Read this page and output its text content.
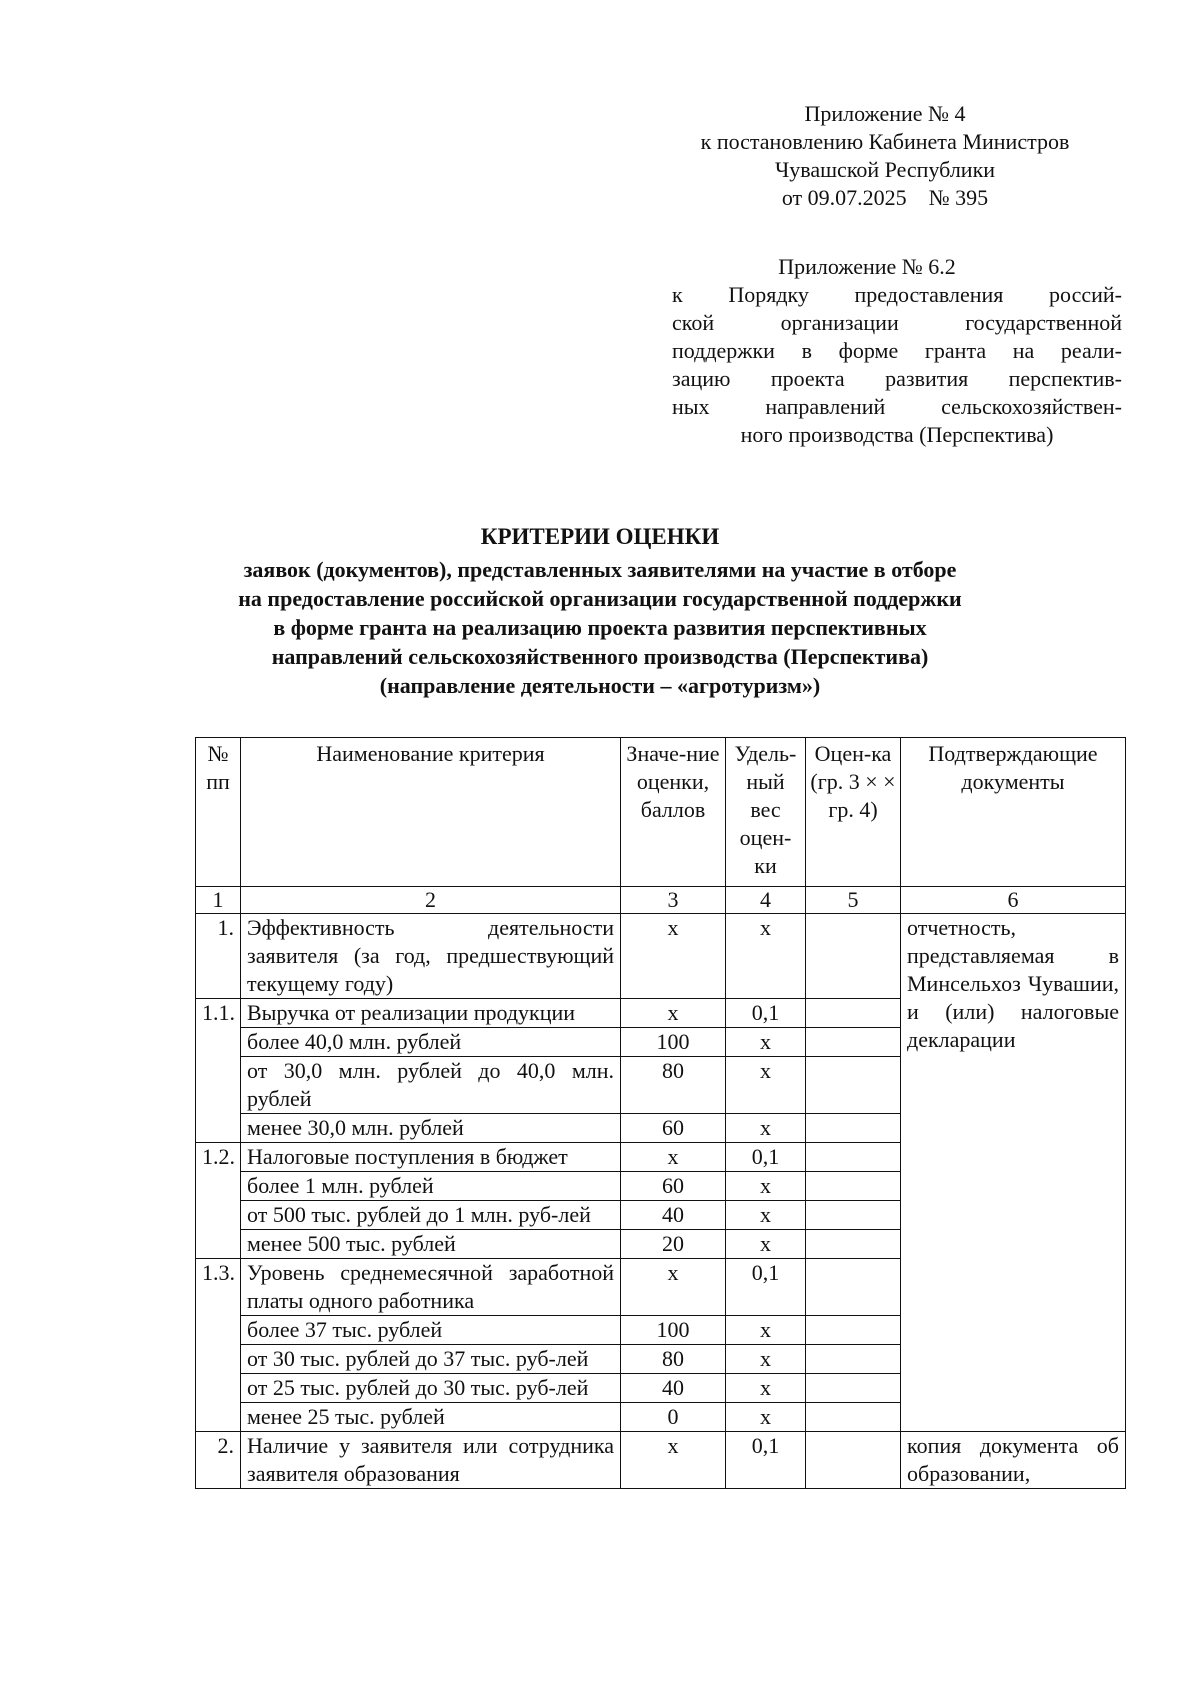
Приложение № 4
к постановлению Кабинета Министров
Чувашской Республики
от 09.07.2025    № 395
Приложение № 6.2
к Порядку предоставления россий-
ской организации государственной
поддержки в форме гранта на реали-
зацию проекта развития перспектив-
ных направлений сельскохозяйствен-
ного производства (Перспектива)
КРИТЕРИИ ОЦЕНКИ
заявок (документов), представленных заявителями на участие в отборе
на предоставление российской организации государственной поддержки
в форме гранта на реализацию проекта развития перспективных
направлений сельскохозяйственного производства (Перспектива)
(направление деятельности – «агротуризм»)
№ пп	Наименование критерия	Значе-ние оценки, баллов	Удель-ный вес оцен-ки	Оцен-ка (гр. 3 × × гр. 4)	Подтверждающие документы
1	2	3	4	5	6
1.	Эффективность деятельности заявителя (за год, предшествующий текущему году)	х	х		отчетность, представляемая в Минсельхоз Чувашии, и (или) налоговые декларации
1.1.	Выручка от реализации продукции	х	0,1		
	более 40,0 млн. рублей	100	х		
	от 30,0 млн. рублей до 40,0 млн. рублей	80	х		
	менее 30,0 млн. рублей	60	х		
1.2.	Налоговые поступления в бюджет	х	0,1		
	более 1 млн. рублей	60	х		
	от 500 тыс. рублей до 1 млн. руб-лей	40	х		
	менее 500 тыс. рублей	20	х		
1.3.	Уровень среднемесячной заработной платы одного работника	х	0,1		
	более 37 тыс. рублей	100	х		
	от 30 тыс. рублей до 37 тыс. руб-лей	80	х		
	от 25 тыс. рублей до 30 тыс. руб-лей	40	х		
	менее 25 тыс. рублей	0	х		
2.	Наличие у заявителя или сотрудника заявителя образования	х	0,1		копия документа об образовании,
